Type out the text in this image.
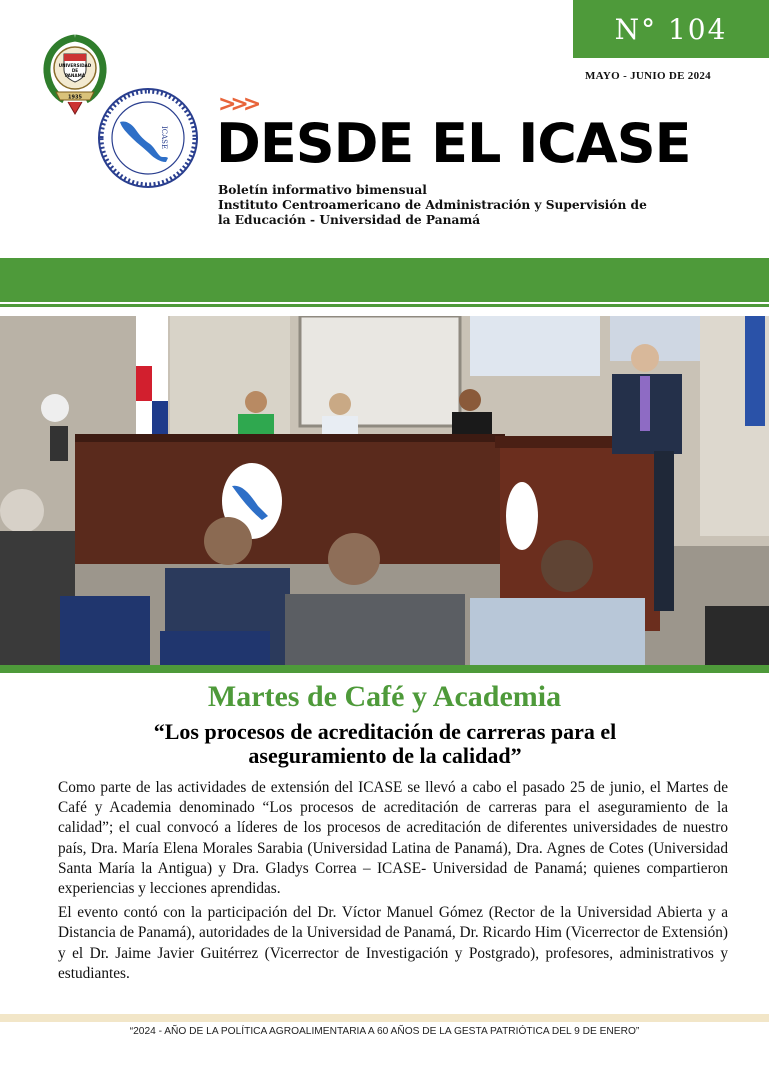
N° 104
MAYO - JUNIO DE 2024
UNIVERSIDAD
DE
PANAMÁ
1935
ICASE
>>>
DESDE EL ICASE
Boletín informativo bimensual
Instituto Centroamericano de Administración y Supervisión de
la Educación - Universidad de Panamá
Martes de Café y Academia
“Los procesos de acreditación de carreras para el aseguramiento de la calidad”

Como parte de las actividades de extensión del ICASE se llevó a cabo el pasado 25 de junio, el Martes de Café y Academia denominado “Los procesos de acreditación de carreras para el aseguramiento de la calidad”; el cual convocó a líderes de los procesos de acreditación de diferentes universidades de nuestro país, Dra. María Elena Morales Sarabia (Universidad Latina de Panamá), Dra. Agnes de Cotes (Universidad Santa María la Antigua) y Dra. Gladys Correa – ICASE- Universidad de Panamá; quienes compartieron experiencias y lecciones aprendidas.

El evento contó con la participación del Dr. Víctor Manuel Gómez (Rector de la Universidad Abierta y a Distancia de Panamá), autoridades de la Universidad de Panamá, Dr. Ricardo Him (Vicerrector de Extensión) y el Dr. Jaime Javier Guitérrez (Vicerrector de Investigación y Postgrado), profesores, administrativos y estudiantes.

“2024 - AÑO DE LA POLÍTICA AGROALIMENTARIA A 60 AÑOS DE LA GESTA PATRIÓTICA DEL 9 DE ENERO”
